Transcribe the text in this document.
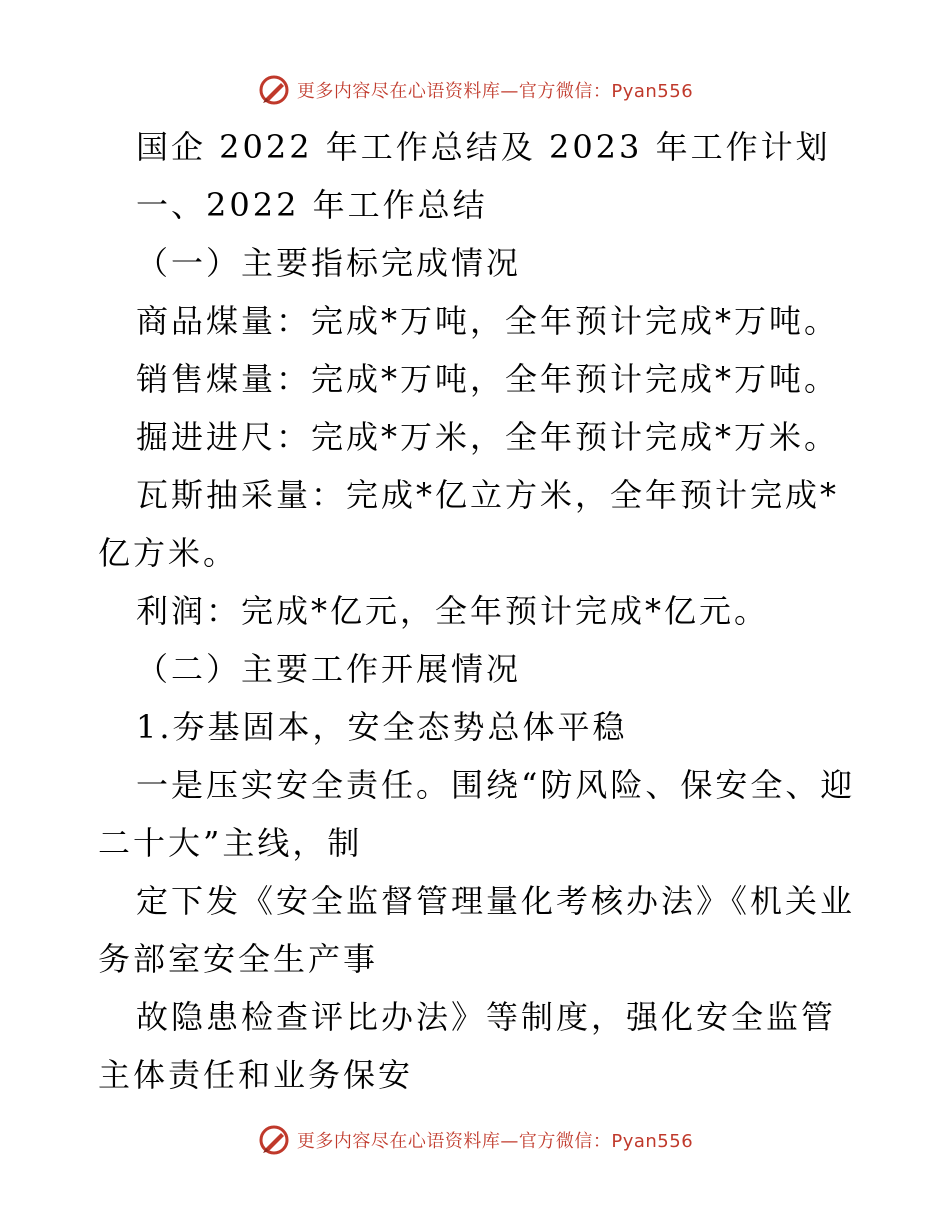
更多内容尽在心语资料库—官方微信：Pyan556

国企 2022 年工作总结及 2023 年工作计划

一、2022 年工作总结

（一）主要指标完成情况

商品煤量：完成*万吨，全年预计完成*万吨。

销售煤量：完成*万吨，全年预计完成*万吨。

掘进进尺：完成*万米，全年预计完成*万米。

瓦斯抽采量：完成*亿立方米，全年预计完成*亿方米。

利润：完成*亿元，全年预计完成*亿元。

（二）主要工作开展情况

1.夯基固本，安全态势总体平稳

一是压实安全责任。围绕“防风险、保安全、迎二十大”主线，制

定下发《安全监督管理量化考核办法》《机关业务部室安全生产事

故隐患检查评比办法》等制度，强化安全监管主体责任和业务保安

更多内容尽在心语资料库—官方微信：Pyan556
